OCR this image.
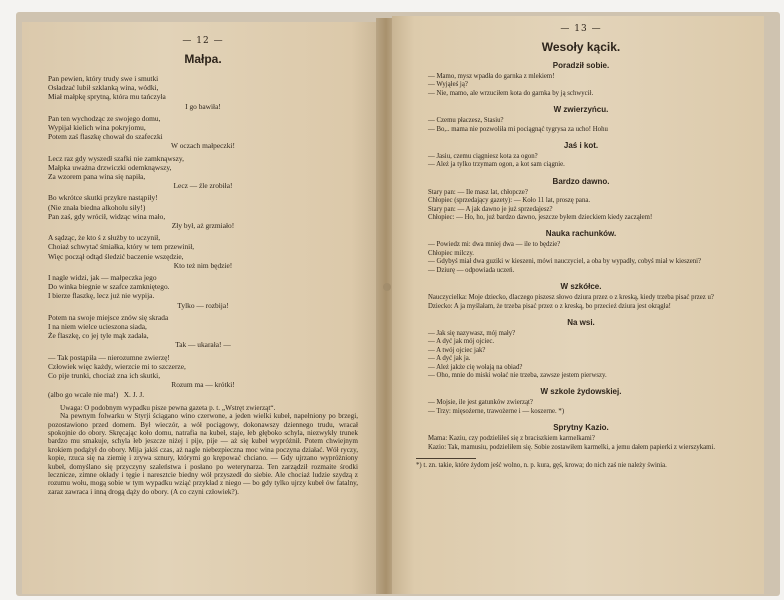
— 12 —
Małpa.
Pan pewien, który trudy swe i smutki
Osładzać lubił szklanką wina, wódki,
Miał małpkę sprytną, która mu tańczyła
I go bawiła!
Pan ten wychodząc ze swojego domu,
Wypijał kielich wina pokryjomu,
Potem zaś flaszkę chował do szafeczki
W oczach małpeczki!
Lecz raz gdy wyszedł szafki nie zamknąwszy,
Małpka uważna drzwiczki odemknąwszy,
Za wzorem pana wina się napiła,
Lecz — źle zrobiła!
Bo wkrótce skutki przykre nastąpiły!
(Nie znała biedna alkoholu siły!)
Pan zaś, gdy wrócił, widząc wina mało,
Zły był, aż grzmiało!
A sądząc, że kto ś z służby to uczynił,
Choiaż schwytać śmiałka, który w tem przewinił,
Więc począł odtąd śledzić baczenie wszędzie,
Kto też nim będzie!
I nagle widzi, jak — małpeczka jego
Do winka biegnie w szafce zamkniętego.
I bierze flaszkę, lecz już nie wypija.
Tylko — rozbija!
Potem na swoje miejsce znów się skrada
I na niem wielce ucieszona siada,
Że flaszkę, co jej tyle mąk zadała,
Tak — ukarała! —
— Tak postąpiła — nierozumne zwierzę!
Człowiek więc każdy, wierzcie mi to szczerze,
Co pije trunki, chociaż zna ich skutki,
Rozum ma — krótki!
(albo go wcale nie ma!)   X. J. J.

Uwaga: O podobnym wypadku pisze pewna gazeta p. t. „Wstręt zwierząt“.

Na pewnym folwarku w Styrji ściągano wino czerwone, a jeden wielki kubeł, napełniony po brzegi, pozostawiono przed domem. Był wieczór, a wół pociągowy, dokonawszy dziennego trudu, wracał spokojnie do obory. Skręcając koło domu, natrafia na kubeł, staje, łeb głęboko schyla, niezwykły trunek bardzo mu smakuje, schyla łeb jeszcze niżej i pije, pije — aż się kubeł wypróżnił. Potem chwiejnym krokiem podążył do obory. Mija jakiś czas, aż nagle niebezpieczna moc wina poczyna działać. Wół ryczy, kopie, rzuca się na ziemię i zrywa sznury, którymi go krępować chciano. — Gdy ujrzano wypróżniony kubeł, domyślano się przyczyny szaleństwa i posłano po weterynarza. Ten zarządził rozmaite środki lecznicze, zimne okłady i tęgie i naresztcie biedny wół przyszedł do siebie. Ale chociaż ludzie szydzą z rozumu wołu, mogą sobie w tym wypadku wziąć przykład z niego — bo gdy tylko ujrzy kubeł ów fatalny, zaraz zawraca i inną drogą dąży do obory. (A co czyni człowiek?).

— 13 —
Wesoły kącik.
Poradził sobie.
— Mamo, mysz wpadła do garnka z mlekiem!
— Wyjąłeś ją?
— Nie, mamo, ale wrzuciłem kota do garnka by ją schwycił.
W zwierzyńcu.
— Czemu płaczesz, Stasiu?
— Bo,.. mama nie pozwoliła mi pociągnąć tygrysa za ucho! Hohu
Jaś i kot.
— Jasiu, czemu ciągniesz kota za ogon?
— Ależ ja tylko trzymam ogon, a kot sam ciągnie.
Bardzo dawno.
Stary pan: — Ile masz lat, chłopcze?
Chłopiec (sprzedający gazety): — Koło 11 lat, proszę pana.
Stary pan: — A jak dawno je już sprzedajesz?
Chłopiec: — Ho, ho, już bardzo dawno, jeszcze byłem dzieckiem kiedy zacząłem!
Nauka rachunków.
— Powiedz mi: dwa mniej dwa — ile to będzie?
Chłopiec milczy.
— Gdybyś miał dwa guziki w kieszeni, mówi nauczyciel, a oba by wypadły, cobyś miał w kieszeni?
— Dziurę — odpowiada uczeń.
W szkółce.
Nauczycielka: Moje dziecko, dlaczego piszesz słowo dziura przez o z kreską, kiedy trzeba pisać przez u?
Dziecko: A ja myślałam, że trzeba pisać przez o z kreską, bo przecież dziura jest okrągła!
Na wsi.
— Jak się nazywasz, mój mały?
— A dyć jak mój ojciec.
— A twój ojciec jak?
— A dyć jak ja.
— Ależ jakże cię wołają na obiad?
— Oho, mnie do miski wołać nie trzeba, zawsze jestem pierwszy.
W szkole żydowskiej.
— Mojsie, ile jest gatunków zwierząt?
— Trzy: mięsożerne, trawożerne i — koszerne. *)
Sprytny Kazio.
Mama: Kaziu, czy podzieliłeś się z braciszkiem karmelkami?
Kazio: Tak, mamusiu, podzieliłem się. Sobie zostawiłem karmelki, a jemu dałem papierki z wierszykami.

*) t. zn. takie, które żydom jeść wolno, n. p. kura, gęś, krowa; do nich zaś nie należy świnia.
